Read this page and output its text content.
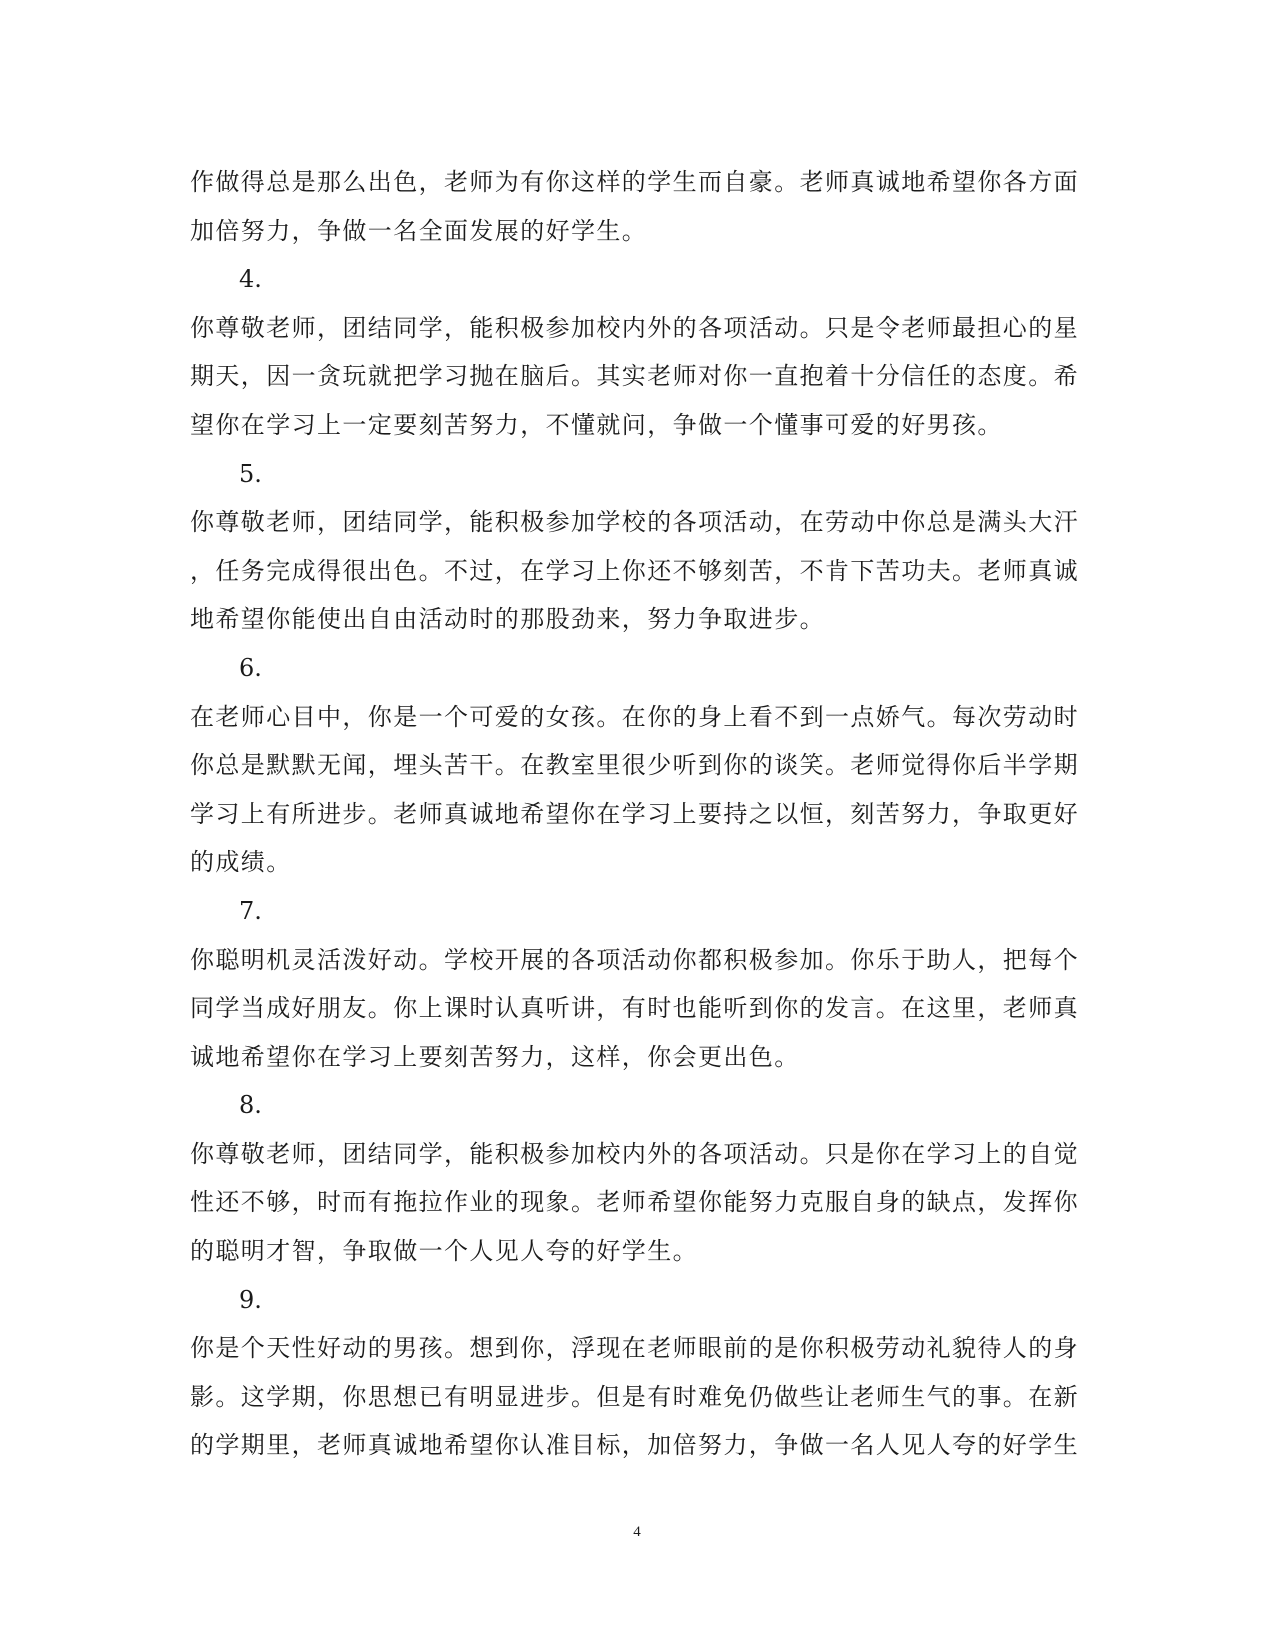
作做得总是那么出色，老师为有你这样的学生而自豪。老师真诚地希望你各方面
加倍努力，争做一名全面发展的好学生。
4.
你尊敬老师，团结同学，能积极参加校内外的各项活动。只是令老师最担心的星
期天，因一贪玩就把学习抛在脑后。其实老师对你一直抱着十分信任的态度。希
望你在学习上一定要刻苦努力，不懂就问，争做一个懂事可爱的好男孩。
5.
你尊敬老师，团结同学，能积极参加学校的各项活动，在劳动中你总是满头大汗
，任务完成得很出色。不过，在学习上你还不够刻苦，不肯下苦功夫。老师真诚
地希望你能使出自由活动时的那股劲来，努力争取进步。
6.
在老师心目中，你是一个可爱的女孩。在你的身上看不到一点娇气。每次劳动时
你总是默默无闻，埋头苦干。在教室里很少听到你的谈笑。老师觉得你后半学期
学习上有所进步。老师真诚地希望你在学习上要持之以恒，刻苦努力，争取更好
的成绩。
7.
你聪明机灵活泼好动。学校开展的各项活动你都积极参加。你乐于助人，把每个
同学当成好朋友。你上课时认真听讲，有时也能听到你的发言。在这里，老师真
诚地希望你在学习上要刻苦努力，这样，你会更出色。
8.
你尊敬老师，团结同学，能积极参加校内外的各项活动。只是你在学习上的自觉
性还不够，时而有拖拉作业的现象。老师希望你能努力克服自身的缺点，发挥你
的聪明才智，争取做一个人见人夸的好学生。
9.
你是个天性好动的男孩。想到你，浮现在老师眼前的是你积极劳动礼貌待人的身
影。这学期，你思想已有明显进步。但是有时难免仍做些让老师生气的事。在新
的学期里，老师真诚地希望你认准目标，加倍努力，争做一名人见人夸的好学生
4
